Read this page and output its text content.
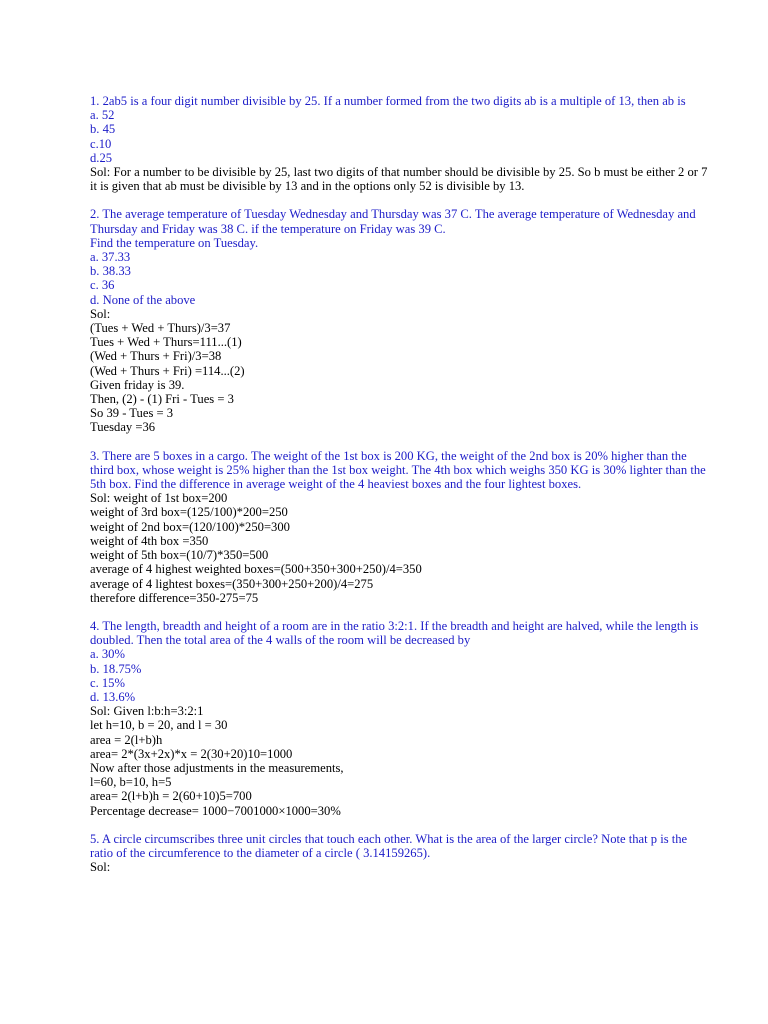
1. 2ab5 is a four digit number divisible by 25. If a number formed from the two digits ab is a multiple of 13, then ab is
a. 52
b. 45
c.10
d.25
Sol: For a number to be divisible by 25, last two digits of that number should be divisible by 25. So b must be either 2 or 7
it is given that ab must be divisible by 13 and in the options only 52 is divisible by 13.
2. The average temperature of Tuesday Wednesday and Thursday was 37 C. The average temperature of Wednesday and
Thursday and Friday was 38 C. if the temperature on Friday was 39 C.
Find the temperature on Tuesday.
a. 37.33
b. 38.33
c. 36
d. None of the above
Sol:
(Tues + Wed + Thurs)/3=37
Tues + Wed + Thurs=111...(1)
(Wed + Thurs + Fri)/3=38
(Wed + Thurs + Fri) =114...(2)
Given friday is 39.
Then, (2) - (1) Fri - Tues = 3
So 39 - Tues = 3
Tuesday =36
3. There are 5 boxes in a cargo. The weight of the 1st box is 200 KG, the weight of the 2nd box is 20% higher than the
third box, whose weight is 25% higher than the 1st box weight. The 4th box which weighs 350 KG is 30% lighter than the
5th box. Find the difference in average weight of the 4 heaviest boxes and the four lightest boxes.
Sol: weight of 1st box=200
weight of 3rd box=(125/100)*200=250
weight of 2nd box=(120/100)*250=300
weight of 4th box =350
weight of 5th box=(10/7)*350=500
average of 4 highest weighted boxes=(500+350+300+250)/4=350
average of 4 lightest boxes=(350+300+250+200)/4=275
therefore difference=350-275=75
4. The length, breadth and height of a room are in the ratio 3:2:1. If the breadth and height are halved, while the length is
doubled. Then the total area of the 4 walls of the room will be decreased by
a. 30%
b. 18.75%
c. 15%
d. 13.6%
Sol: Given l:b:h=3:2:1
let h=10, b = 20, and l = 30
area = 2(l+b)h
area= 2*(3x+2x)*x = 2(30+20)10=1000
Now after those adjustments in the measurements,
l=60, b=10, h=5
area= 2(l+b)h = 2(60+10)5=700
Percentage decrease= 1000−7001000×1000=30%
5. A circle circumscribes three unit circles that touch each other. What is the area of the larger circle? Note that p is the
ratio of the circumference to the diameter of a circle ( 3.14159265).
Sol:
